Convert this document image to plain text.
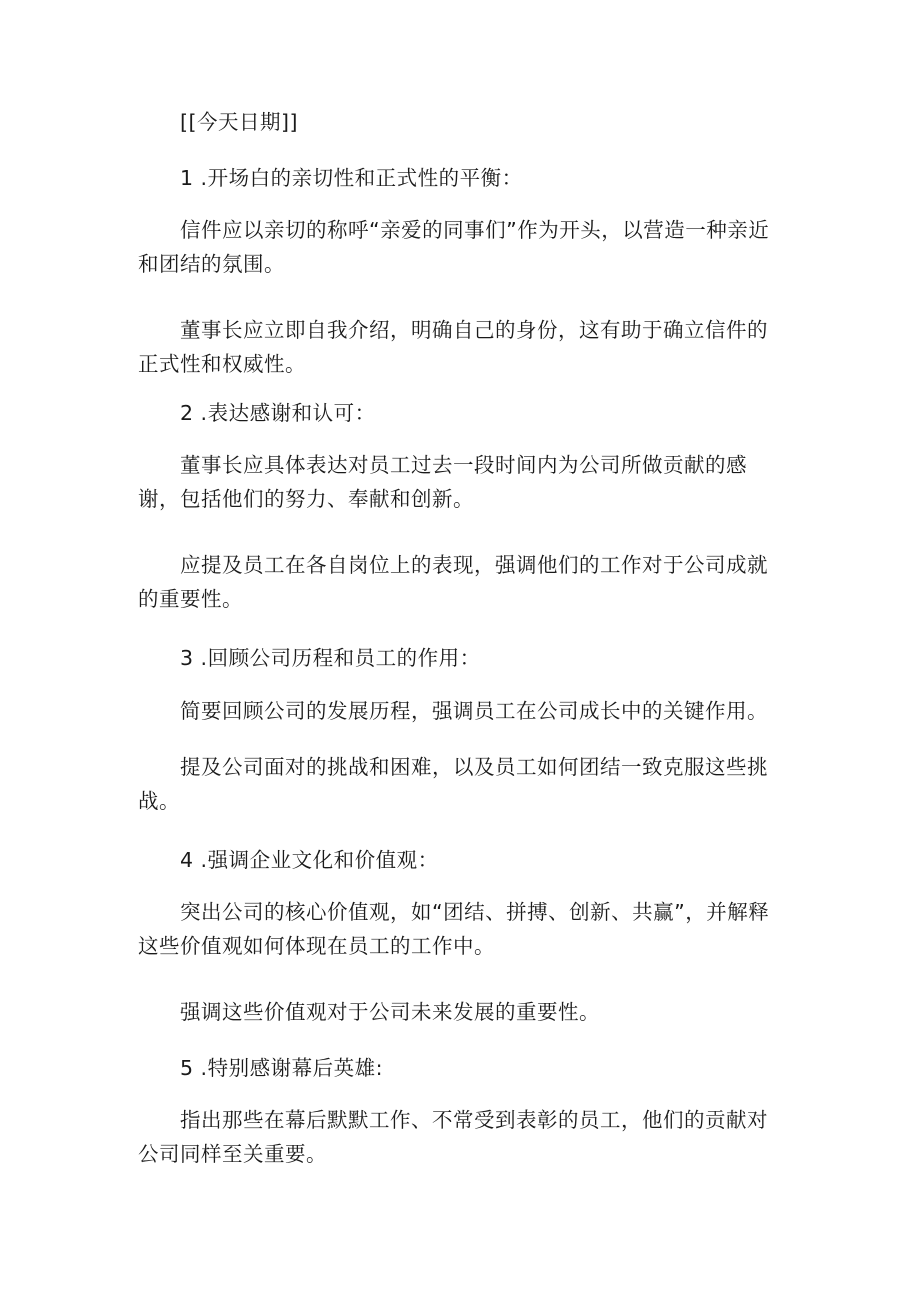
[[今天日期]]

1 .开场白的亲切性和正式性的平衡：

信件应以亲切的称呼“亲爱的同事们”作为开头，以营造一种亲近和团结的氛围。

董事长应立即自我介绍，明确自己的身份，这有助于确立信件的正式性和权威性。

2 .表达感谢和认可：

董事长应具体表达对员工过去一段时间内为公司所做贡献的感谢，包括他们的努力、奉献和创新。

应提及员工在各自岗位上的表现，强调他们的工作对于公司成就的重要性。

3 .回顾公司历程和员工的作用：

简要回顾公司的发展历程，强调员工在公司成长中的关键作用。

提及公司面对的挑战和困难，以及员工如何团结一致克服这些挑战。

4 .强调企业文化和价值观：

突出公司的核心价值观，如“团结、拼搏、创新、共赢”，并解释这些价值观如何体现在员工的工作中。

强调这些价值观对于公司未来发展的重要性。

5 .特别感谢幕后英雄:

指出那些在幕后默默工作、不常受到表彰的员工，他们的贡献对公司同样至关重要。
